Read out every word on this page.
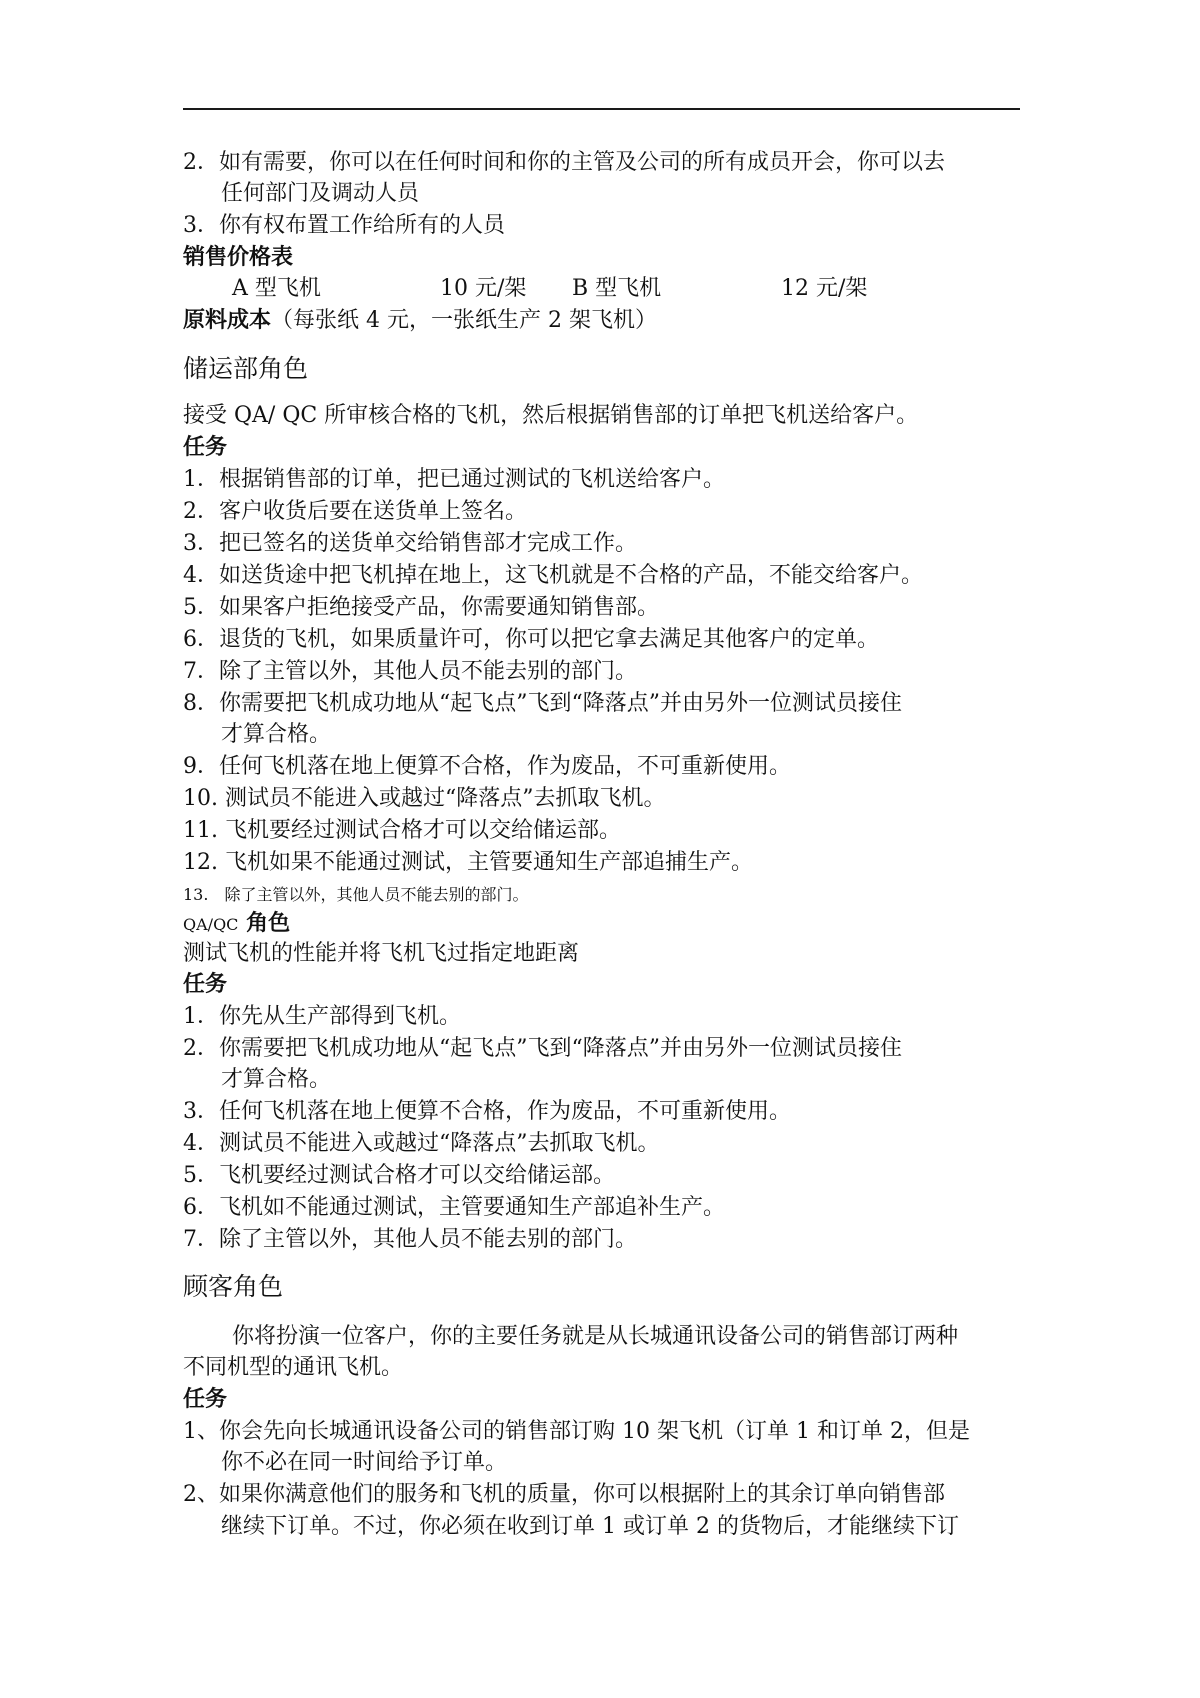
2．如有需要，你可以在任何时间和你的主管及公司的所有成员开会，你可以去
任何部门及调动人员
3．你有权布置工作给所有的人员
销售价格表
A 型飞机	10 元/架 B 型飞机	12 元/架
原料成本（每张纸 4 元，一张纸生产 2 架飞机）
储运部角色
接受 QA/ QC 所审核合格的飞机，然后根据销售部的订单把飞机送给客户。
任务
1．根据销售部的订单，把已通过测试的飞机送给客户。
2．客户收货后要在送货单上签名。
3．把已签名的送货单交给销售部才完成工作。
4．如送货途中把飞机掉在地上，这飞机就是不合格的产品，不能交给客户。
5．如果客户拒绝接受产品，你需要通知销售部。
6．退货的飞机，如果质量许可，你可以把它拿去满足其他客户的定单。
7．除了主管以外，其他人员不能去别的部门。
8．你需要把飞机成功地从“起飞点”飞到“降落点”并由另外一位测试员接住
才算合格。
9．任何飞机落在地上便算不合格，作为废品，不可重新使用。
10. 测试员不能进入或越过“降落点”去抓取飞机。
11. 飞机要经过测试合格才可以交给储运部。
12. 飞机如果不能通过测试，主管要通知生产部追捕生产。
13.　除了主管以外，其他人员不能去别的部门。
QA/QC 角色
测试飞机的性能并将飞机飞过指定地距离
任务
1．你先从生产部得到飞机。
2．你需要把飞机成功地从“起飞点”飞到“降落点”并由另外一位测试员接住
才算合格。
3．任何飞机落在地上便算不合格，作为废品，不可重新使用。
4．测试员不能进入或越过“降落点”去抓取飞机。
5．飞机要经过测试合格才可以交给储运部。
6．飞机如不能通过测试，主管要通知生产部追补生产。
7．除了主管以外，其他人员不能去别的部门。
顾客角色
你将扮演一位客户，你的主要任务就是从长城通讯设备公司的销售部订两种
不同机型的通讯飞机。
任务
1、你会先向长城通讯设备公司的销售部订购 10 架飞机（订单 1 和订单 2，但是
你不必在同一时间给予订单。
2、如果你满意他们的服务和飞机的质量，你可以根据附上的其余订单向销售部
继续下订单。不过，你必须在收到订单 1 或订单 2 的货物后，才能继续下订
